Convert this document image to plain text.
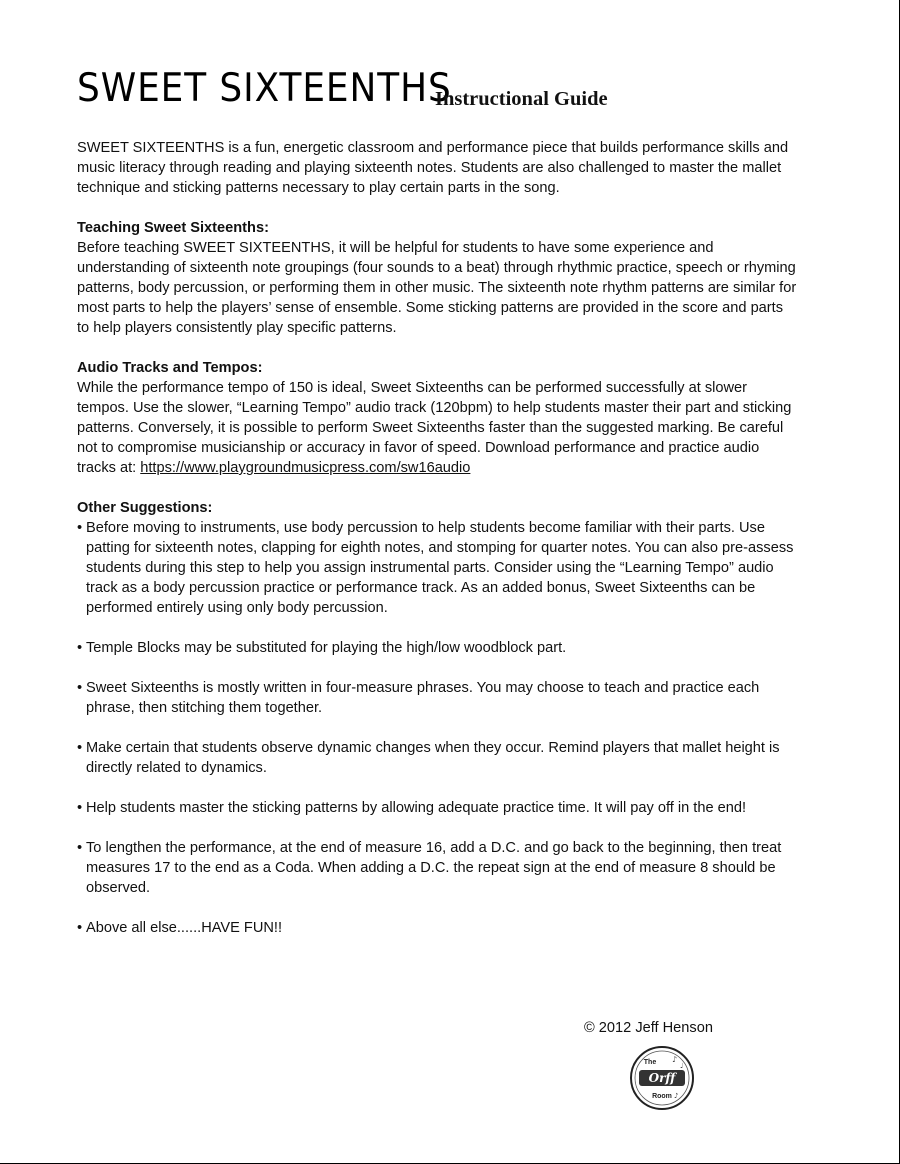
SWEET SIXTEENTHS
Instructional Guide

SWEET SIXTEENTHS is a fun, energetic classroom and performance piece that builds performance skills and music literacy through reading and playing sixteenth notes. Students are also challenged to master the mallet technique and sticking patterns necessary to play certain parts in the song.

Teaching Sweet Sixteenths:

Before teaching SWEET SIXTEENTHS, it will be helpful for students to have some experience and understanding of sixteenth note groupings (four sounds to a beat) through rhythmic practice, speech or rhyming patterns, body percussion, or performing them in other music. The sixteenth note rhythm patterns are similar for most parts to help the players’ sense of ensemble. Some sticking patterns are provided in the score and parts to help players consistently play specific patterns.

Audio Tracks and Tempos:

While the performance tempo of 150 is ideal, Sweet Sixteenths can be performed successfully at slower tempos. Use the slower, “Learning Tempo” audio track (120bpm) to help students master their part and sticking patterns. Conversely, it is possible to perform Sweet Sixteenths faster than the suggested marking. Be careful not to compromise musicianship or accuracy in favor of speed. Download performance and practice audio tracks at: https://www.playgroundmusicpress.com/sw16audio

Other Suggestions:

• Before moving to instruments, use body percussion to help students become familiar with their parts. Use patting for sixteenth notes, clapping for eighth notes, and stomping for quarter notes. You can also pre-assess students during this step to help you assign instrumental parts. Consider using the “Learning Tempo” audio track as a body percussion practice or performance track. As an added bonus, Sweet Sixteenths can be performed entirely using only body percussion.
• Temple Blocks may be substituted for playing the high/low woodblock part.
• Sweet Sixteenths is mostly written in four-measure phrases. You may choose to teach and practice each phrase, then stitching them together.
• Make certain that students observe dynamic changes when they occur. Remind players that mallet height is directly related to dynamics.
• Help students master the sticking patterns by allowing adequate practice time. It will pay off in the end!
• To lengthen the performance, at the end of measure 16, add a D.C. and go back to the beginning, then treat measures 17 to the end as a Coda. When adding a D.C. the repeat sign at the end of measure 8 should be observed.
• Above all else......HAVE FUN!!
© 2012 Jeff Henson
Orff
The
Room
♪
♩
♪
